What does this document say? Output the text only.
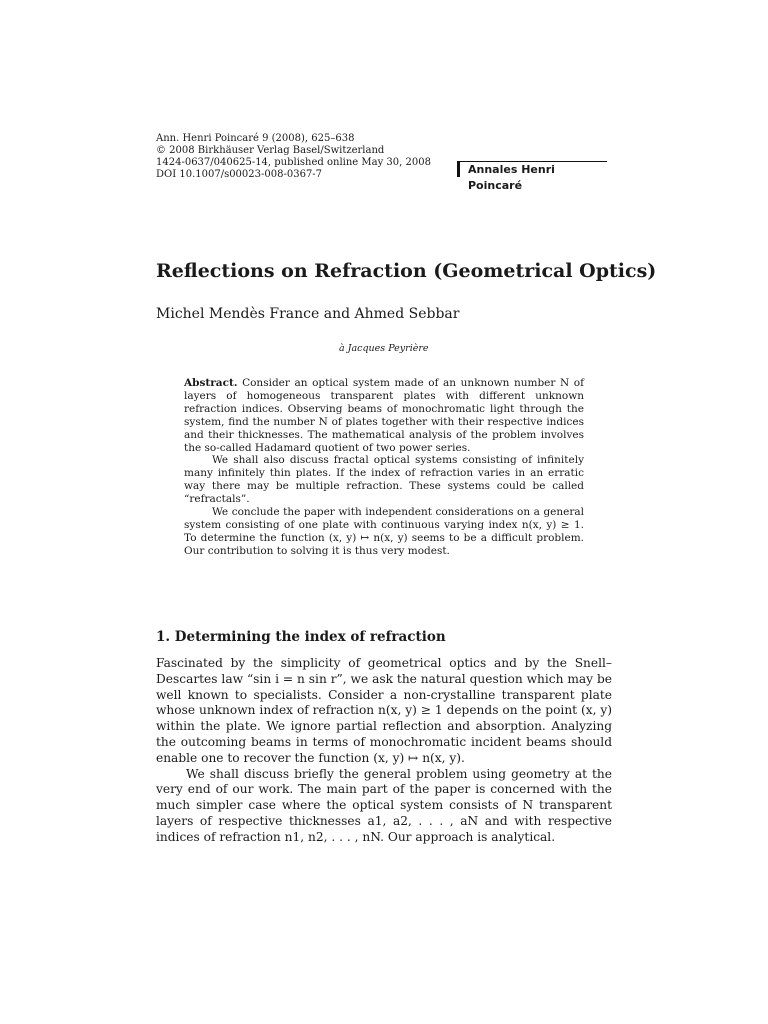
Ann. Henri Poincaré 9 (2008), 625–638
© 2008 Birkhäuser Verlag Basel/Switzerland
1424-0637/040625-14, published online May 30, 2008
DOI 10.1007/s00023-008-0367-7	Annales Henri Poincaré
Reflections on Refraction (Geometrical Optics)
Michel Mendès France and Ahmed Sebbar
à Jacques Peyrière

Abstract. Consider an optical system made of an unknown number N of layers of homogeneous transparent plates with different unknown refraction indices. Observing beams of monochromatic light through the system, find the number N of plates together with their respective indices and their thicknesses. The mathematical analysis of the problem involves the so-called Hadamard quotient of two power series.

We shall also discuss fractal optical systems consisting of infinitely many infinitely thin plates. If the index of refraction varies in an erratic way there may be multiple refraction. These systems could be called “refractals”.

We conclude the paper with independent considerations on a general system consisting of one plate with continuous varying index n(x, y) ≥ 1. To determine the function (x, y) ↦ n(x, y) seems to be a difficult problem. Our contribution to solving it is thus very modest.

1. Determining the index of refraction

Fascinated by the simplicity of geometrical optics and by the Snell–Descartes law “sin i = n sin r”, we ask the natural question which may be well known to specialists. Consider a non-crystalline transparent plate whose unknown index of refraction n(x, y) ≥ 1 depends on the point (x, y) within the plate. We ignore partial reflection and absorption. Analyzing the outcoming beams in terms of monochromatic incident beams should enable one to recover the function (x, y) ↦ n(x, y).

We shall discuss briefly the general problem using geometry at the very end of our work. The main part of the paper is concerned with the much simpler case where the optical system consists of N transparent layers of respective thicknesses a1, a2, . . . , aN and with respective indices of refraction n1, n2, . . . , nN. Our approach is analytical.
